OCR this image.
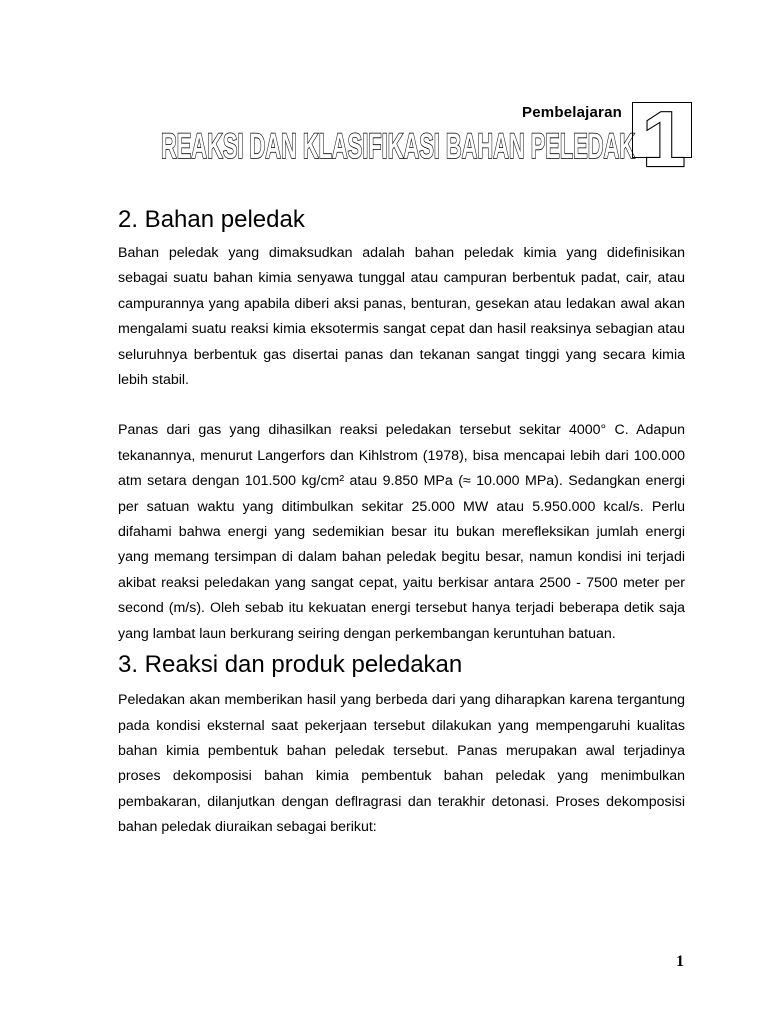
Pembelajaran
REAKSI DAN KLASIFIKASI BAHAN PELEDAK 1
2. Bahan peledak

Bahan peledak yang dimaksudkan adalah bahan peledak kimia yang didefinisikan sebagai suatu bahan kimia senyawa tunggal atau campuran berbentuk padat, cair, atau campurannya yang apabila diberi aksi panas, benturan, gesekan atau ledakan awal akan mengalami suatu reaksi kimia eksotermis sangat cepat dan hasil reaksinya sebagian atau seluruhnya berbentuk gas disertai panas dan tekanan sangat tinggi yang secara kimia lebih stabil.

Panas dari gas yang dihasilkan reaksi peledakan tersebut sekitar 4000° C. Adapun tekanannya, menurut Langerfors dan Kihlstrom (1978), bisa mencapai lebih dari 100.000 atm setara dengan 101.500 kg/cm² atau 9.850 MPa (≈ 10.000 MPa). Sedangkan energi per satuan waktu yang ditimbulkan sekitar 25.000 MW atau 5.950.000 kcal/s. Perlu difahami bahwa energi yang sedemikian besar itu bukan merefleksikan jumlah energi yang memang tersimpan di dalam bahan peledak begitu besar, namun kondisi ini terjadi akibat reaksi peledakan yang sangat cepat, yaitu berkisar antara 2500 - 7500 meter per second (m/s). Oleh sebab itu kekuatan energi tersebut hanya terjadi beberapa detik saja yang lambat laun berkurang seiring dengan perkembangan keruntuhan batuan.

3. Reaksi dan produk peledakan

Peledakan akan memberikan hasil yang berbeda dari yang diharapkan karena tergantung pada kondisi eksternal saat pekerjaan tersebut dilakukan yang mempengaruhi kualitas bahan kimia pembentuk bahan peledak tersebut. Panas merupakan awal terjadinya proses dekomposisi bahan kimia pembentuk bahan peledak yang menimbulkan pembakaran, dilanjutkan dengan deflragrasi dan terakhir detonasi. Proses dekomposisi bahan peledak diuraikan sebagai berikut:

1
